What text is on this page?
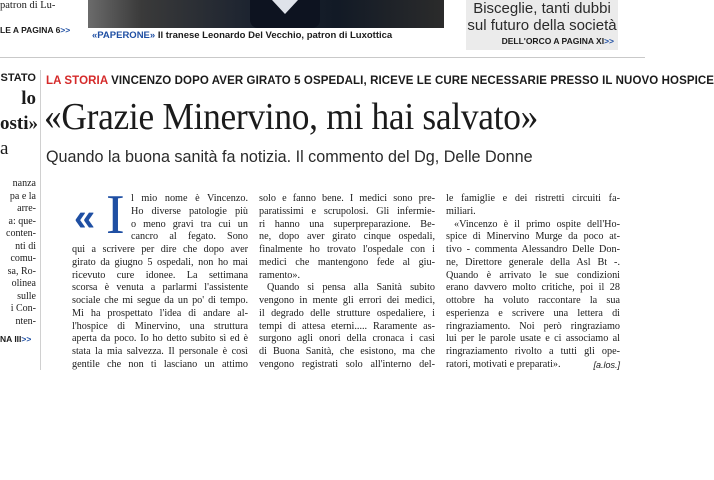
patron di Lu-
LE A PAGINA 6>>	«PAPERONE» Il tranese Leonardo Del Vecchio, patron di Luxottica
Bisceglie, tanti dubbi
sul futuro della società
DELL'ORCO A PAGINA XI>>
STATO
lo
osti»
a
nanza
pa e la
arre-
a: que-
conten-
nti di
comu-
sa, Ro-
olinea
sulle
i Con-
nten-
NA III>>
LA STORIA VINCENZO DOPO AVER GIRATO 5 OSPEDALI, RICEVE LE CURE NECESSARIE PRESSO IL NUOVO HOSPICE
«Grazie Minervino, mi hai salvato»
Quando la buona sanità fa notizia. Il commento del Dg, Delle Donne
« I l mio nome è Vincenzo.
Ho diverse patologie più
o meno gravi tra cui un
cancro al fegato. Sono
qui a scrivere per dire che dopo aver
girato da giugno 5 ospedali, non ho mai
ricevuto cure idonee. La settimana
scorsa è venuta a parlarmi l'assistente
sociale che mi segue da un po' di tempo.
Mi ha prospettato l'idea di andare al-
l'hospice di Minervino, una struttura
aperta da poco. Io ho detto subito sì ed è
stata la mia salvezza. Il personale è così
gentile che non ti lasciano un attimo
solo e fanno bene. I medici sono pre-
paratissimi e scrupolosi. Gli infermie-
ri hanno una superpreparazione. Be-
ne, dopo aver girato cinque ospedali,
finalmente ho trovato l'ospedale con i
medici che mantengono fede al giu-
ramento».
Quando si pensa alla Sanità subito
vengono in mente gli errori dei medici,
il degrado delle strutture ospedaliere, i
tempi di attesa eterni..... Raramente as-
surgono agli onori della cronaca i casi
di Buona Sanità, che esistono, ma che
vengono registrati solo all'interno del-
le famiglie e dei ristretti circuiti fa-
miliari.
«Vincenzo è il primo ospite dell'Ho-
spice di Minervino Murge da poco at-
tivo - commenta Alessandro Delle Don-
ne, Direttore generale della Asl Bt -.
Quando è arrivato le sue condizioni
erano davvero molto critiche, poi il 28
ottobre ha voluto raccontare la sua
esperienza e scrivere una lettera di
ringraziamento. Noi però ringraziamo
lui per le parole usate e ci associamo al
ringraziamento rivolto a tutti gli ope-
ratori, motivati e preparati».	[a.los.]
